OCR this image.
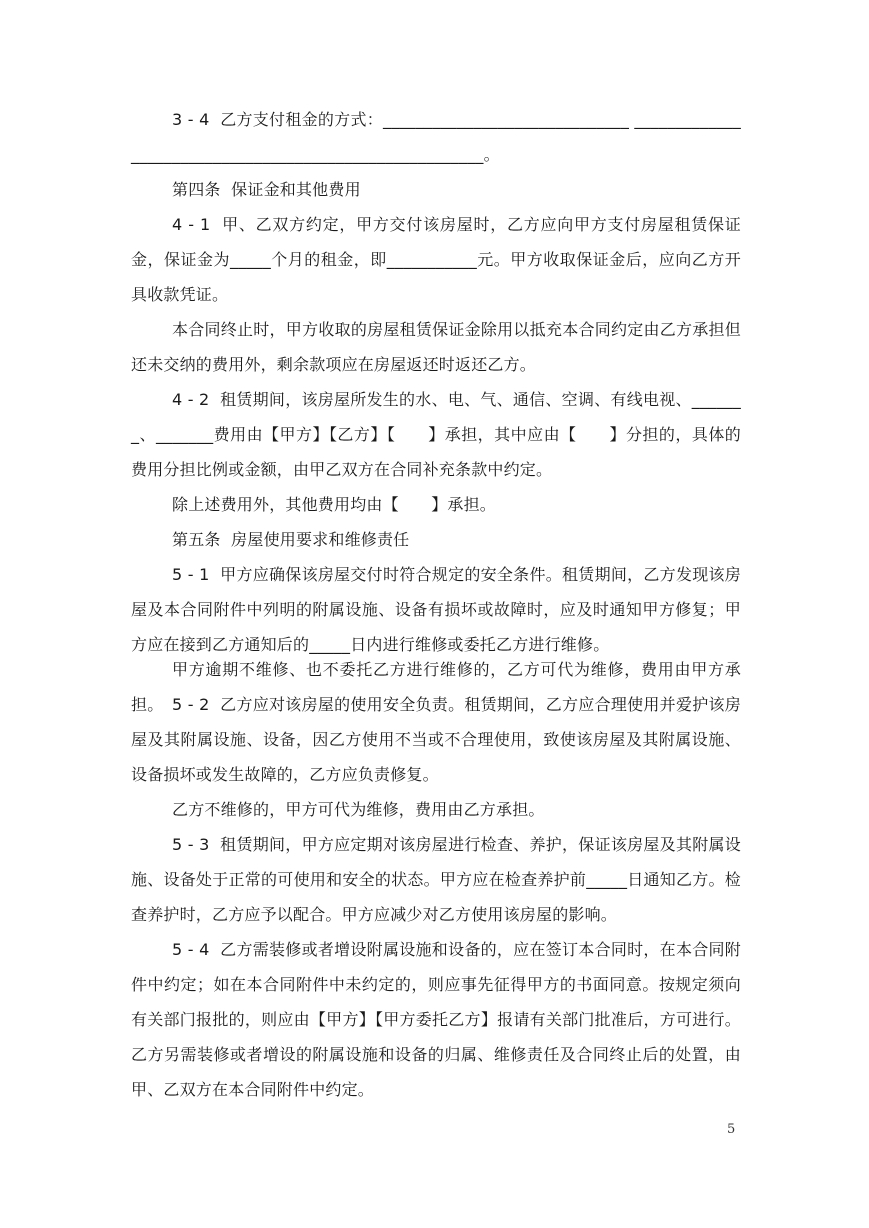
3 - 4  乙方支付租金的方式：______________________________ ________________________________________________________。
第四条  保证金和其他费用
4 - 1  甲、乙双方约定，甲方交付该房屋时，乙方应向甲方支付房屋租赁保证金，保证金为_____个月的租金，即___________元。甲方收取保证金后，应向乙方开具收款凭证。
本合同终止时，甲方收取的房屋租赁保证金除用以抵充本合同约定由乙方承担但还未交纳的费用外，剩余款项应在房屋返还时返还乙方。
4 - 2  租赁期间，该房屋所发生的水、电、气、通信、空调、有线电视、_______、_______费用由【甲方】【乙方】【　　】承担，其中应由【　　】分担的，具体的费用分担比例或金额，由甲乙双方在合同补充条款中约定。
除上述费用外，其他费用均由【　　】承担。
第五条  房屋使用要求和维修责任
5 - 1  甲方应确保该房屋交付时符合规定的安全条件。租赁期间，乙方发现该房屋及本合同附件中列明的附属设施、设备有损坏或故障时，应及时通知甲方修复；甲方应在接到乙方通知后的_____日内进行维修或委托乙方进行维修。
甲方逾期不维修、也不委托乙方进行维修的，乙方可代为维修，费用由甲方承担。 5 - 2  乙方应对该房屋的使用安全负责。租赁期间，乙方应合理使用并爱护该房屋及其附属设施、设备，因乙方使用不当或不合理使用，致使该房屋及其附属设施、设备损坏或发生故障的，乙方应负责修复。
乙方不维修的，甲方可代为维修，费用由乙方承担。
5 - 3  租赁期间，甲方应定期对该房屋进行检查、养护，保证该房屋及其附属设施、设备处于正常的可使用和安全的状态。甲方应在检查养护前_____日通知乙方。检查养护时，乙方应予以配合。甲方应减少对乙方使用该房屋的影响。
5 - 4  乙方需装修或者增设附属设施和设备的，应在签订本合同时，在本合同附件中约定；如在本合同附件中未约定的，则应事先征得甲方的书面同意。按规定须向有关部门报批的，则应由【甲方】【甲方委托乙方】报请有关部门批准后，方可进行。乙方另需装修或者增设的附属设施和设备的归属、维修责任及合同终止后的处置，由甲、乙双方在本合同附件中约定。
5
